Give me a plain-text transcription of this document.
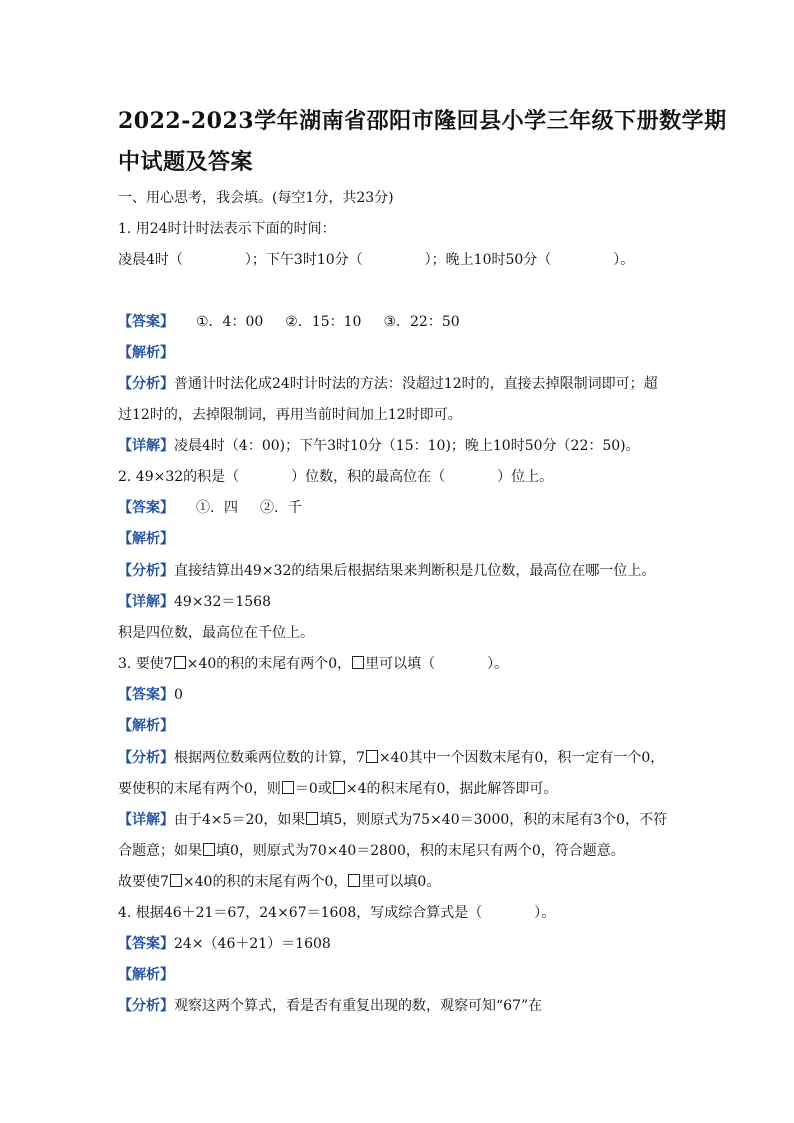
2022-2023学年湖南省邵阳市隆回县小学三年级下册数学期
中试题及答案

一、用心思考，我会填。(每空1分，共23分)

1. 用24时计时法表示下面的时间：

凌晨4时（	）；下午3时10分（	）；晚上10时50分（	）。

【答案】 ①．4：00 ②．15：10 ③．22：50

【解析】

【分析】普通计时法化成24时计时法的方法：没超过12时的，直接去掉限制词即可；超

过12时的，去掉限制词，再用当前时间加上12时即可。

【详解】凌晨4时（4：00)；下午3时10分（15：10)；晚上10时50分（22：50)。

2. 49×32的积是（	）位数，积的最高位在（	）位上。

【答案】 ①．四 ②．千

【解析】

【分析】直接结算出49×32的结果后根据结果来判断积是几位数，最高位在哪一位上。

【详解】49×32＝1568

积是四位数，最高位在千位上。

3. 要使7 ×40的积的末尾有两个0， 里可以填（	）。

【答案】0

【解析】

【分析】根据两位数乘两位数的计算，7 ×40其中一个因数末尾有0，积一定有一个0，

要使积的末尾有两个0，则 ＝0或 ×4的积末尾有0，据此解答即可。

【详解】由于4×5＝20，如果 填5，则原式为75×40＝3000，积的末尾有3个0，不符

合题意；如果 填0，则原式为70×40＝2800，积的末尾只有两个0，符合题意。

故要使7 ×40的积的末尾有两个0， 里可以填0。

4. 根据46＋21＝67，24×67＝1608，写成综合算式是（	）。

【答案】24×（46＋21）＝1608

【解析】

【分析】观察这两个算式，看是否有重复出现的数，观察可知“67”在
